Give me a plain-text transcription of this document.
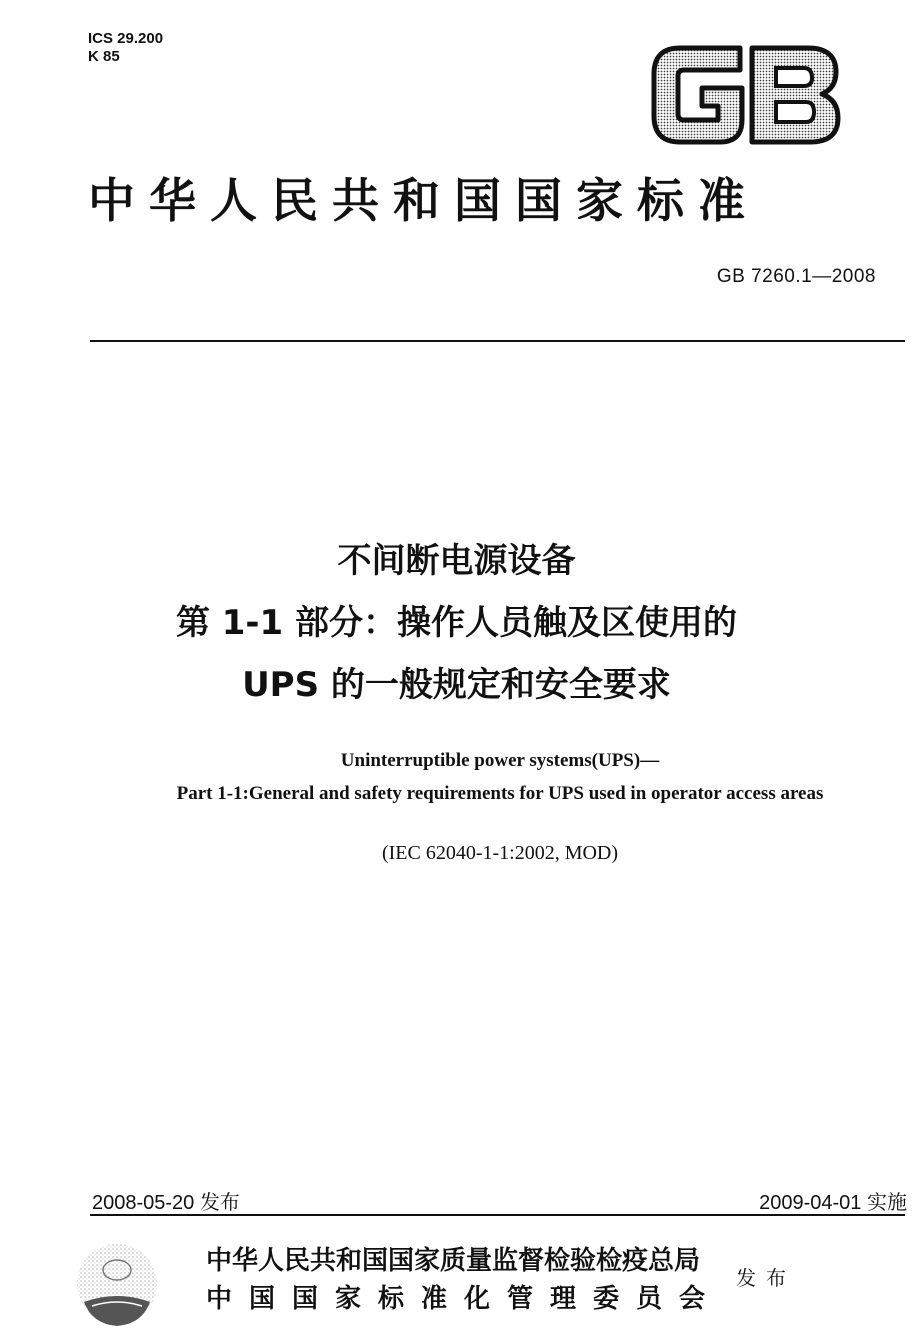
ICS 29.200
K 85
中华人民共和国国家标准
GB 7260.1—2008
不间断电源设备
第 1-1 部分：操作人员触及区使用的
UPS 的一般规定和安全要求
Uninterruptible power systems(UPS)—
Part 1-1:General and safety requirements for UPS used in operator access areas
(IEC 62040-1-1:2002, MOD)
2008-05-20 发布	2009-04-01 实施
中华人民共和国国家质量监督检验检疫总局
中国国家标准化管理委员会
发布
